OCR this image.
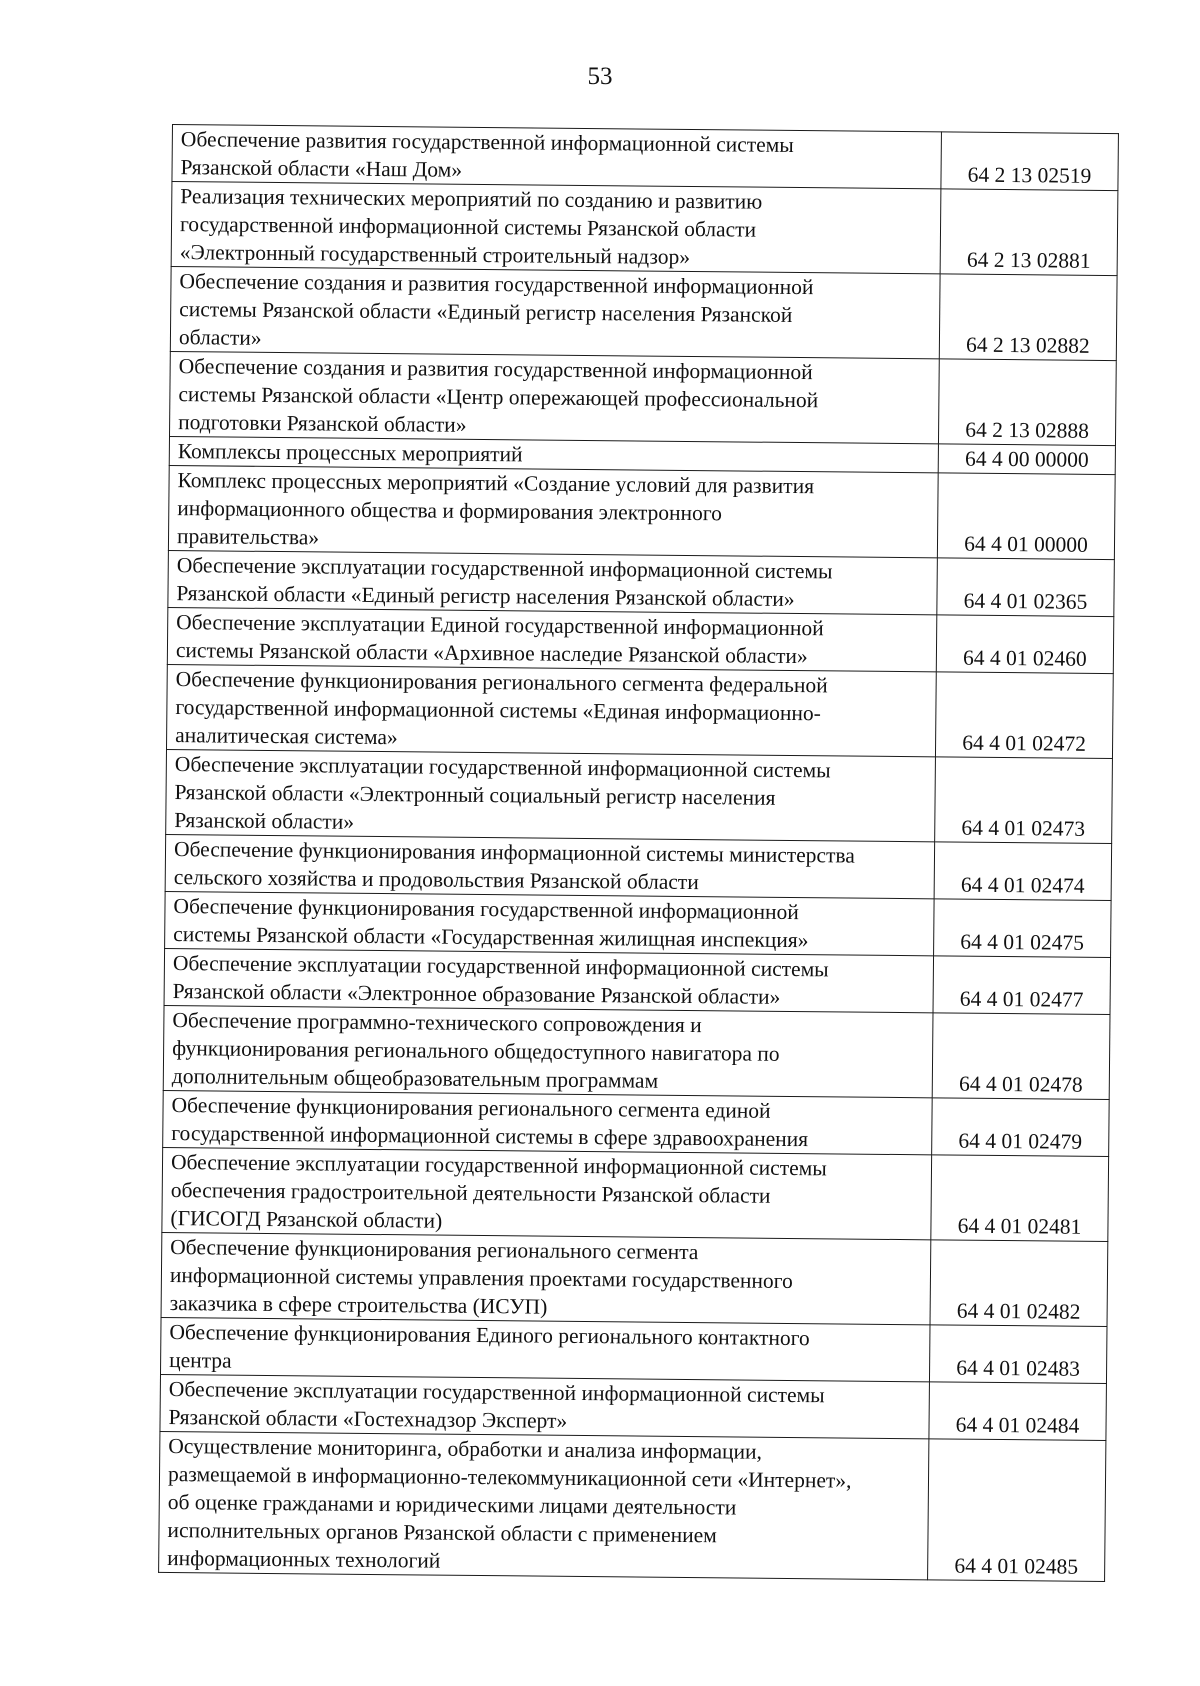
53
Обеспечение развития государственной информационной системы
Рязанской области «Наш Дом»	64 2 13 02519

Реализация технических мероприятий по созданию и развитию
государственной информационной системы Рязанской области
«Электронный государственный строительный надзор»	64 2 13 02881

Обеспечение создания и развития государственной информационной
системы Рязанской области «Единый регистр населения Рязанской
области»	64 2 13 02882

Обеспечение создания и развития государственной информационной
системы Рязанской области «Центр опережающей профессиональной
подготовки Рязанской области»	64 2 13 02888

Комплексы процессных мероприятий	64 4 00 00000

Комплекс процессных мероприятий «Создание условий для развития
информационного общества и формирования электронного
правительства»	64 4 01 00000

Обеспечение эксплуатации государственной информационной системы
Рязанской области «Единый регистр населения Рязанской области»	64 4 01 02365

Обеспечение эксплуатации Единой государственной информационной
системы Рязанской области «Архивное наследие Рязанской области»	64 4 01 02460

Обеспечение функционирования регионального сегмента федеральной
государственной информационной системы «Единая информационно-
аналитическая система»	64 4 01 02472

Обеспечение эксплуатации государственной информационной системы
Рязанской области «Электронный социальный регистр населения
Рязанской области»	64 4 01 02473

Обеспечение функционирования информационной системы министерства
сельского хозяйства и продовольствия Рязанской области	64 4 01 02474

Обеспечение функционирования государственной информационной
системы Рязанской области «Государственная жилищная инспекция»	64 4 01 02475

Обеспечение эксплуатации государственной информационной системы
Рязанской области «Электронное образование Рязанской области»	64 4 01 02477

Обеспечение программно-технического сопровождения и
функционирования регионального общедоступного навигатора по
дополнительным общеобразовательным программам	64 4 01 02478

Обеспечение функционирования регионального сегмента единой
государственной информационной системы в сфере здравоохранения	64 4 01 02479

Обеспечение эксплуатации государственной информационной системы
обеспечения градостроительной деятельности Рязанской области
(ГИСОГД Рязанской области)	64 4 01 02481

Обеспечение функционирования регионального сегмента
информационной системы управления проектами государственного
заказчика в сфере строительства (ИСУП)	64 4 01 02482

Обеспечение функционирования Единого регионального контактного
центра	64 4 01 02483

Обеспечение эксплуатации государственной информационной системы
Рязанской области «Гостехнадзор Эксперт»	64 4 01 02484

Осуществление мониторинга, обработки и анализа информации,
размещаемой в информационно-телекоммуникационной сети «Интернет»,
об оценке гражданами и юридическими лицами деятельности
исполнительных органов Рязанской области с применением
информационных технологий	64 4 01 02485
